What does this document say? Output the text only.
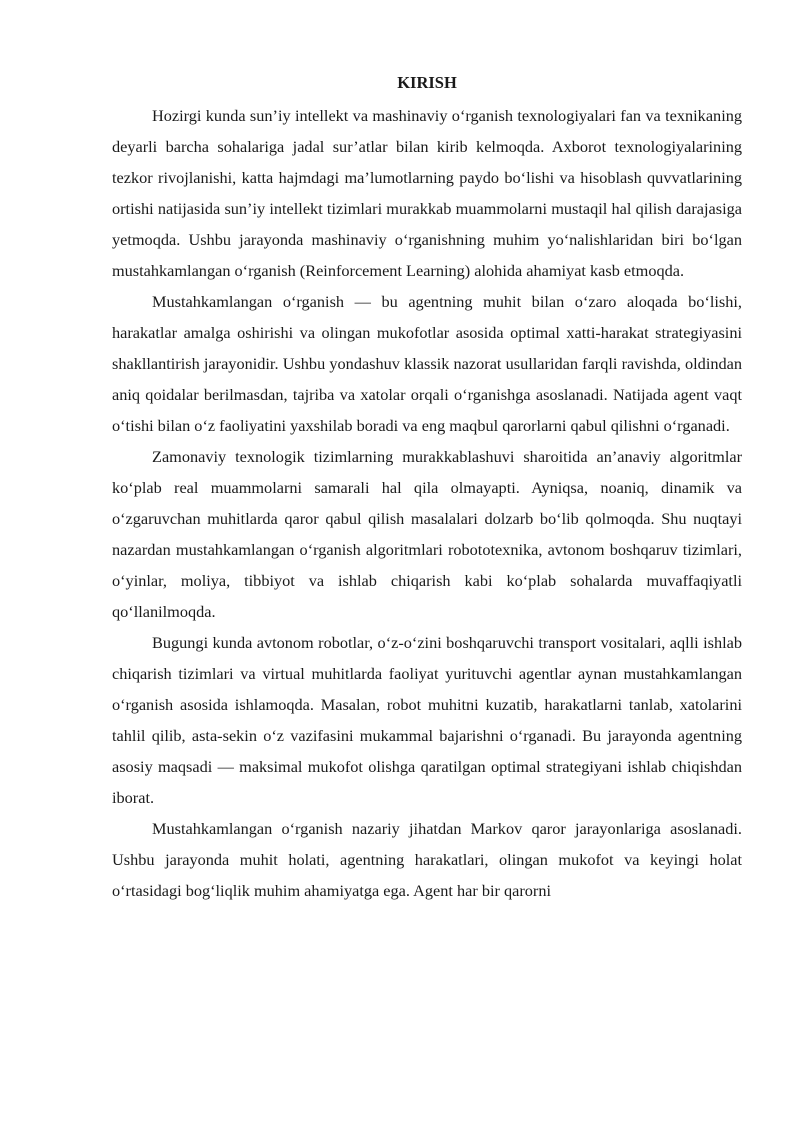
KIRISH

Hozirgi kunda sun’iy intellekt va mashinaviy o‘rganish texnologiyalari fan va texnikaning deyarli barcha sohalariga jadal sur’atlar bilan kirib kelmoqda. Axborot texnologiyalarining tezkor rivojlanishi, katta hajmdagi ma’lumotlarning paydo bo‘lishi va hisoblash quvvatlarining ortishi natijasida sun’iy intellekt tizimlari murakkab muammolarni mustaqil hal qilish darajasiga yetmoqda. Ushbu jarayonda mashinaviy o‘rganishning muhim yo‘nalishlaridan biri bo‘lgan mustahkamlangan o‘rganish (Reinforcement Learning) alohida ahamiyat kasb etmoqda.

Mustahkamlangan o‘rganish — bu agentning muhit bilan o‘zaro aloqada bo‘lishi, harakatlar amalga oshirishi va olingan mukofotlar asosida optimal xatti-harakat strategiyasini shakllantirish jarayonidir. Ushbu yondashuv klassik nazorat usullaridan farqli ravishda, oldindan aniq qoidalar berilmasdan, tajriba va xatolar orqali o‘rganishga asoslanadi. Natijada agent vaqt o‘tishi bilan o‘z faoliyatini yaxshilab boradi va eng maqbul qarorlarni qabul qilishni o‘rganadi.

Zamonaviy texnologik tizimlarning murakkablashuvi sharoitida an’anaviy algoritmlar ko‘plab real muammolarni samarali hal qila olmayapti. Ayniqsa, noaniq, dinamik va o‘zgaruvchan muhitlarda qaror qabul qilish masalalari dolzarb bo‘lib qolmoqda. Shu nuqtayi nazardan mustahkamlangan o‘rganish algoritmlari robototexnika, avtonom boshqaruv tizimlari, o‘yinlar, moliya, tibbiyot va ishlab chiqarish kabi ko‘plab sohalarda muvaffaqiyatli qo‘llanilmoqda.

Bugungi kunda avtonom robotlar, o‘z-o‘zini boshqaruvchi transport vositalari, aqlli ishlab chiqarish tizimlari va virtual muhitlarda faoliyat yurituvchi agentlar aynan mustahkamlangan o‘rganish asosida ishlamoqda. Masalan, robot muhitni kuzatib, harakatlarni tanlab, xatolarini tahlil qilib, asta-sekin o‘z vazifasini mukammal bajarishni o‘rganadi. Bu jarayonda agentning asosiy maqsadi — maksimal mukofot olishga qaratilgan optimal strategiyani ishlab chiqishdan iborat.

Mustahkamlangan o‘rganish nazariy jihatdan Markov qaror jarayonlariga asoslanadi. Ushbu jarayonda muhit holati, agentning harakatlari, olingan mukofot va keyingi holat o‘rtasidagi bog‘liqlik muhim ahamiyatga ega. Agent har bir qarorni
